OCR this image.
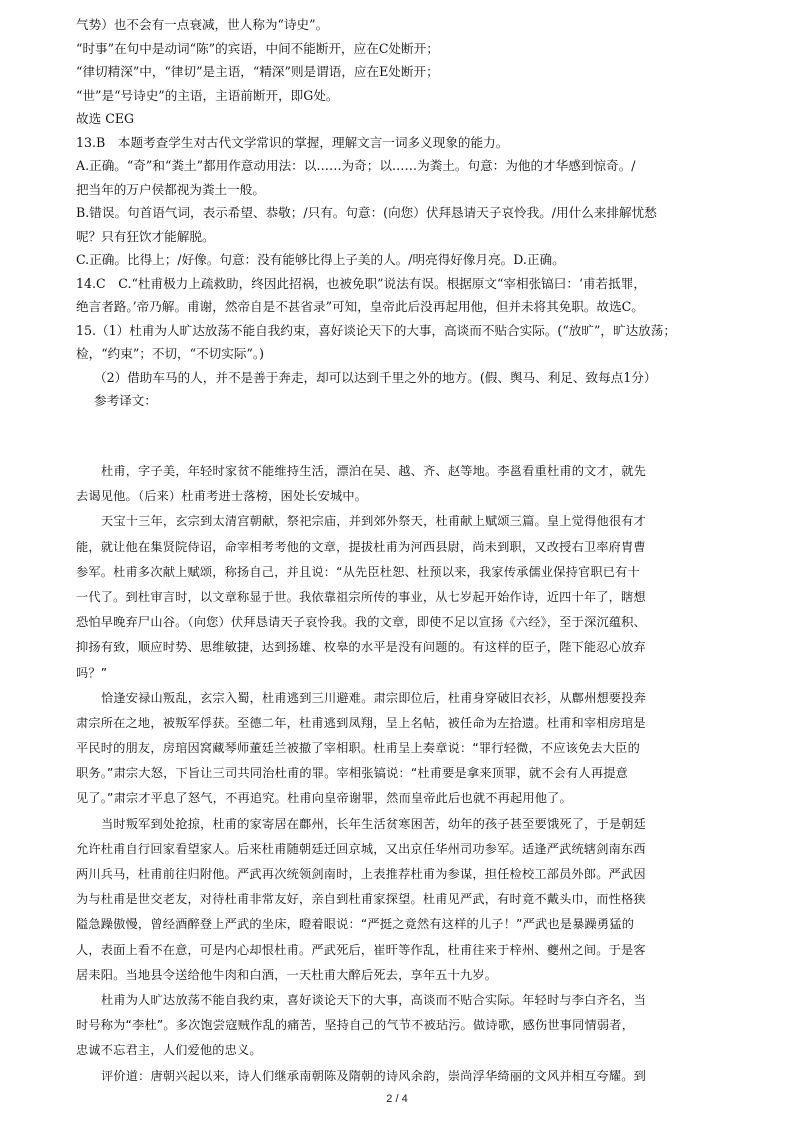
气势）也不会有一点衰减，世人称为“诗史”。
“时事”在句中是动词“陈”的宾语，中间不能断开，应在C处断开；
“律切精深”中，“律切”是主语，“精深”则是谓语，应在E处断开；
“世”是“号诗史”的主语，主语前断开，即G处。
故选 CEG
13.B　本题考查学生对古代文学常识的掌握，理解文言一词多义现象的能力。
A.正确。“奇”和“粪土”都用作意动用法：以……为奇；以……为粪土。句意：为他的才华感到惊奇。/
把当年的万户侯都视为粪土一般。
B.错误。句首语气词，表示希望、恭敬；/只有。句意：(向您）伏拜恳请天子哀怜我。/用什么来排解忧愁
呢？只有狂饮才能解脱。
C.正确。比得上；/好像。句意：没有能够比得上子美的人。/明亮得好像月亮。D.正确。
14.C　C.“杜甫极力上疏救助，终因此招祸，也被免职”说法有误。根据原文“宰相张镐曰：‘甫若抵罪，
绝言者路。’帝乃解。甫谢，然帝自是不甚省录”可知，皇帝此后没再起用他，但并未将其免职。故选C。
15.（1）杜甫为人旷达放荡不能自我约束，喜好谈论天下的大事，高谈而不贴合实际。(“放旷”，旷达放荡；
检，“约束”；不切，“不切实际”。)
（2）借助车马的人，并不是善于奔走，却可以达到千里之外的地方。(假、舆马、利足、致每点1分）
参考译文：
杜甫，字子美，年轻时家贫不能维持生活，漂泊在吴、越、齐、赵等地。李邕看重杜甫的文才，就先
去谒见他。（后来）杜甫考进士落榜，困处长安城中。
天宝十三年，玄宗到太清宫朝献，祭祀宗庙，并到郊外祭天，杜甫献上赋颂三篇。皇上觉得他很有才
能，就让他在集贤院侍诏，命宰相考考他的文章，提拔杜甫为河西县尉，尚未到职，又改授右卫率府胄曹
参军。杜甫多次献上赋颂，称扬自己，并且说：“从先臣杜恕、杜预以来，我家传承儒业保持官职已有十
一代了。到杜审言时，以文章称显于世。我依靠祖宗所传的事业，从七岁起开始作诗，近四十年了，瞎想
恐怕早晚弃尸山谷。（向您）伏拜恳请天子哀怜我。我的文章，即使不足以宣扬《六经》，至于深沉蕴积、
抑扬有致，顺应时势、思维敏捷，达到扬雄、枚皋的水平是没有问题的。有这样的臣子，陛下能忍心放弃
吗？”
恰逢安禄山叛乱，玄宗入蜀，杜甫逃到三川避难。肃宗即位后，杜甫身穿破旧衣衫，从鄜州想要投奔
肃宗所在之地，被叛军俘获。至德二年，杜甫逃到凤翔，呈上名帖，被任命为左拾遗。杜甫和宰相房琯是
平民时的朋友，房琯因窝藏琴师董廷兰被撤了宰相职。杜甫呈上奏章说：“罪行轻微，不应该免去大臣的
职务。”肃宗大怒，下旨让三司共同治杜甫的罪。宰相张镐说：“杜甫要是拿来顶罪，就不会有人再提意
见了。”肃宗才平息了怒气，不再追究。杜甫向皇帝谢罪，然而皇帝此后也就不再起用他了。
当时叛军到处抢掠，杜甫的家寄居在鄜州，长年生活贫寒困苦，幼年的孩子甚至要饿死了，于是朝廷
允许杜甫自行回家看望家人。后来杜甫随朝廷迁回京城，又出京任华州司功参军。适逢严武统辖剑南东西
两川兵马，杜甫前往归附他。严武再次统领剑南时，上表推荐杜甫为参谋，担任检校工部员外郎。严武因
为与杜甫是世交老友，对待杜甫非常友好，亲自到杜甫家探望。杜甫见严武，有时竟不戴头巾，而性格狭
隘急躁傲慢，曾经酒醉登上严武的坐床，瞪着眼说：“严挺之竟然有这样的儿子！”严武也是暴躁勇猛的
人，表面上看不在意，可是内心却恨杜甫。严武死后，崔旰等作乱，杜甫往来于梓州、夔州之间。于是客
居耒阳。当地县令送给他牛肉和白酒，一天杜甫大醉后死去，享年五十九岁。
杜甫为人旷达放荡不能自我约束，喜好谈论天下的大事，高谈而不贴合实际。年轻时与李白齐名，当
时号称为“李杜”。多次饱尝寇贼作乱的痛苦，坚持自己的气节不被玷污。做诗歌，感伤世事同情弱者，
忠诚不忘君主，人们爱他的忠义。
评价道：唐朝兴起以来，诗人们继承南朝陈及隋朝的诗风余韵，崇尚浮华绮丽的文风并相互夸耀。到
2 / 4
